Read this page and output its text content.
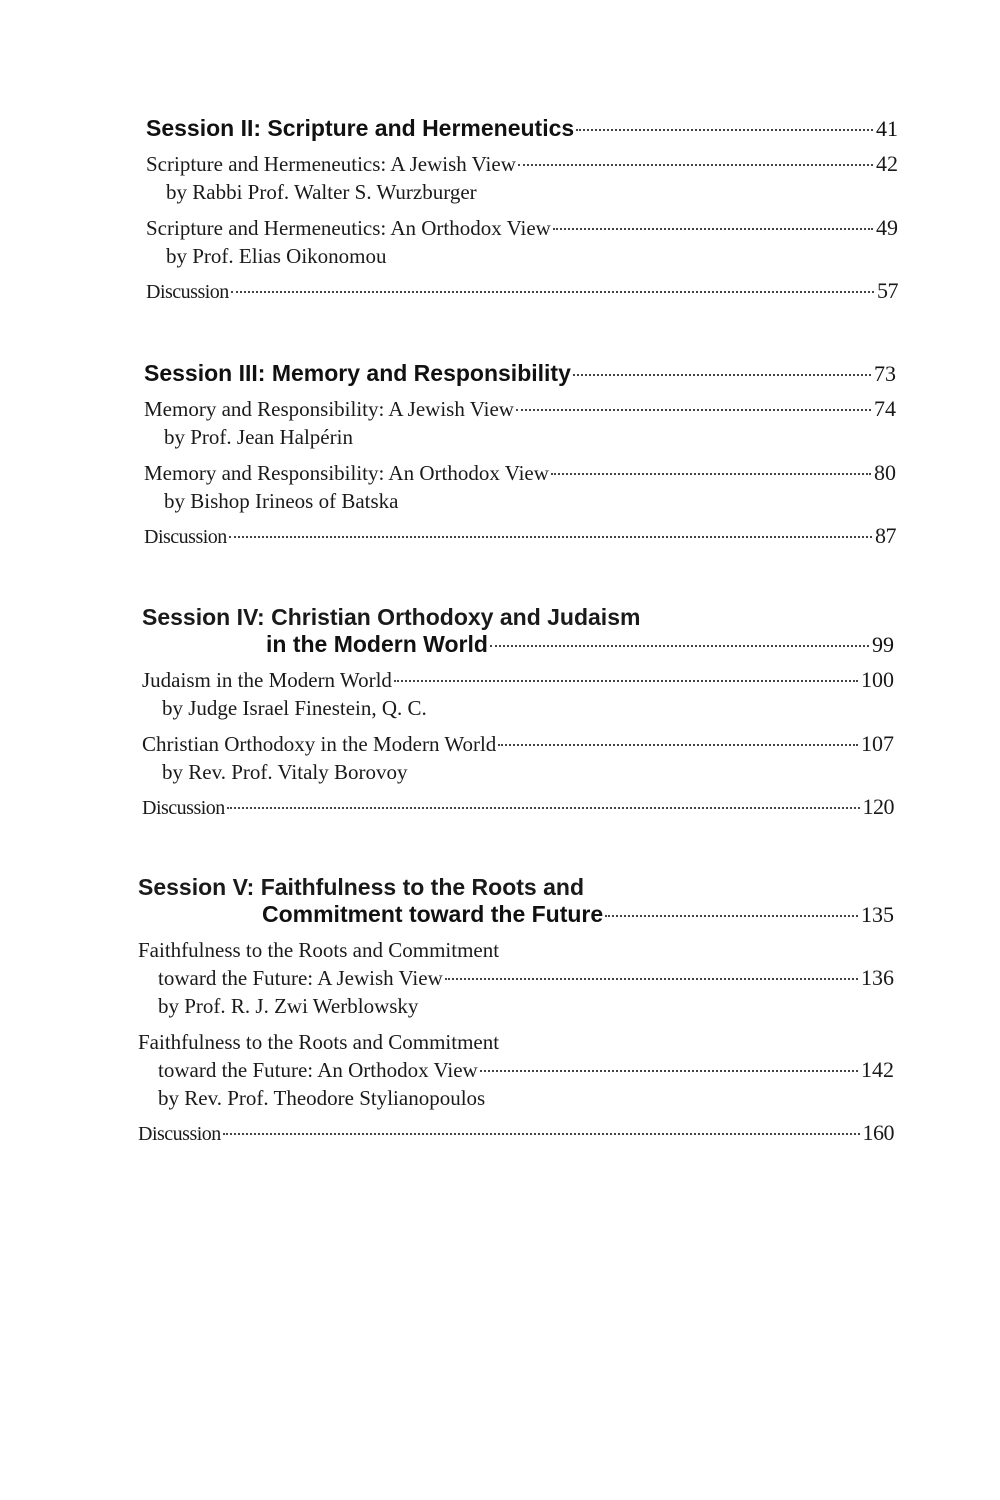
Session II: Scripture and Hermeneutics	41
Scripture and Hermeneutics: A Jewish View	42
by Rabbi Prof. Walter S. Wurzburger
Scripture and Hermeneutics: An Orthodox View	49
by Prof. Elias Oikonomou
Discussion	57
Session III: Memory and Responsibility	73
Memory and Responsibility: A Jewish View	74
by Prof. Jean Halpérin
Memory and Responsibility: An Orthodox View	80
by Bishop Irineos of Batska
Discussion	87
Session IV: Christian Orthodoxy and Judaism
in the Modern World	99
Judaism in the Modern World	100
by Judge Israel Finestein, Q. C.
Christian Orthodoxy in the Modern World	107
by Rev. Prof. Vitaly Borovoy
Discussion	120
Session V: Faithfulness to the Roots and
Commitment toward the Future	135
Faithfulness to the Roots and Commitment
toward the Future: A Jewish View	136
by Prof. R. J. Zwi Werblowsky
Faithfulness to the Roots and Commitment
toward the Future: An Orthodox View	142
by Rev. Prof. Theodore Stylianopoulos
Discussion	160
